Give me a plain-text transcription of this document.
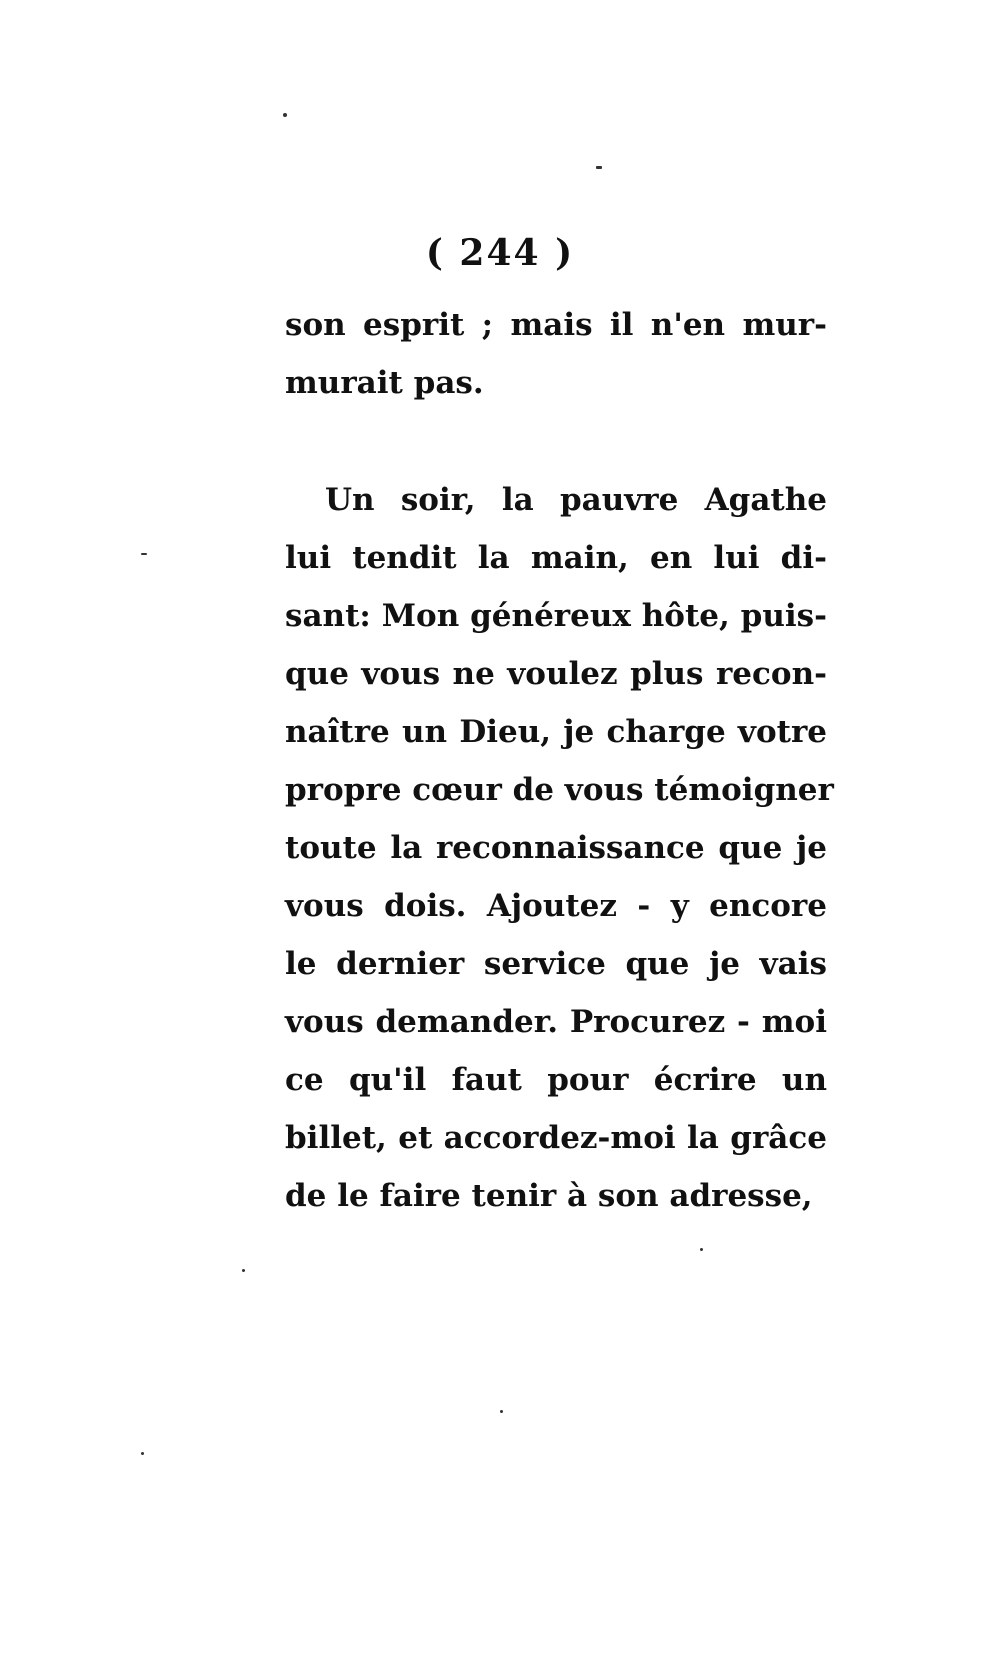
( 244 )
son esprit ; mais il n'en mur-
murait pas.
Un soir, la pauvre Agathe
lui tendit la main, en lui di-
sant: Mon généreux hôte, puis-
que vous ne voulez plus recon-
naître un Dieu, je charge votre
propre cœur de vous témoigner
toute la reconnaissance que je
vous dois. Ajoutez - y encore
le dernier service que je vais
vous demander. Procurez - moi
ce qu'il faut pour écrire un
billet, et accordez-moi la grâce
de le faire tenir à son adresse,
